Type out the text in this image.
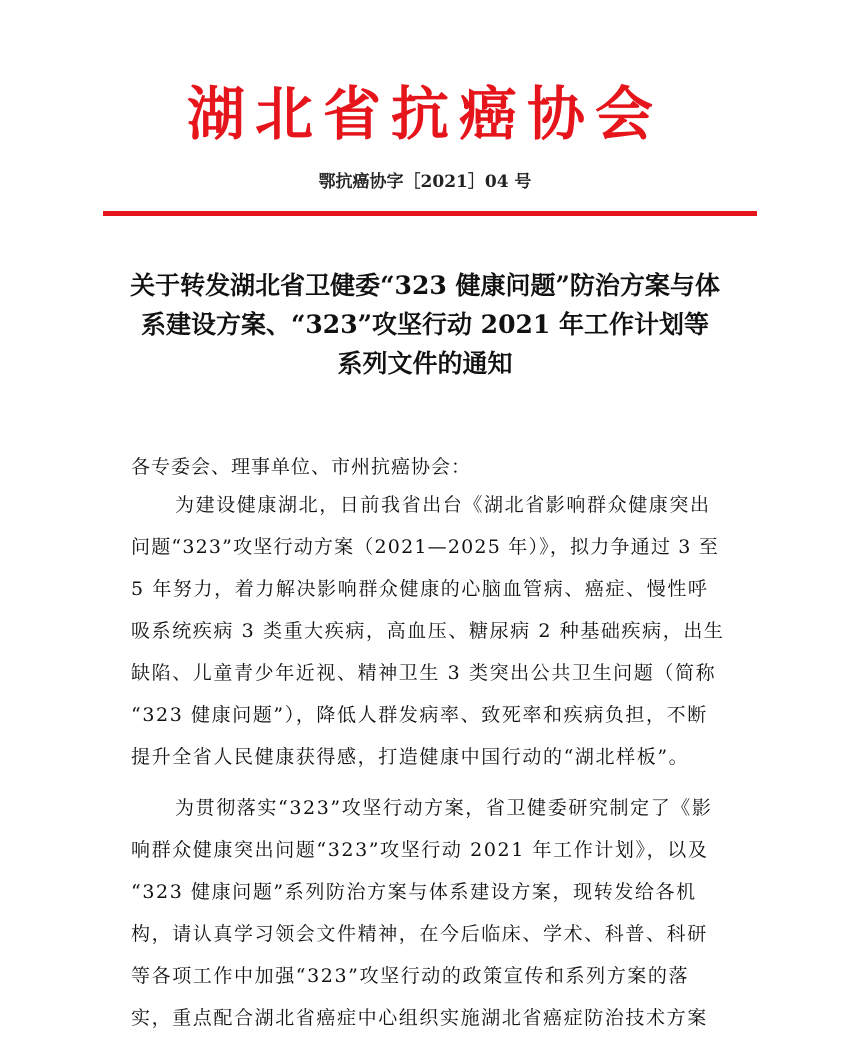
湖北省抗癌协会
鄂抗癌协字［2021］04 号
关于转发湖北省卫健委“323 健康问题”防治方案与体
系建设方案、“323”攻坚行动 2021 年工作计划等
系列文件的通知
各专委会、理事单位、市州抗癌协会：
为建设健康湖北，日前我省出台《湖北省影响群众健康突出
问题“323”攻坚行动方案（2021—2025 年）》，拟力争通过 3 至
5 年努力，着力解决影响群众健康的心脑血管病、癌症、慢性呼
吸系统疾病 3 类重大疾病，高血压、糖尿病 2 种基础疾病，出生
缺陷、儿童青少年近视、精神卫生 3 类突出公共卫生问题（简称
“323 健康问题”），降低人群发病率、致死率和疾病负担，不断
提升全省人民健康获得感，打造健康中国行动的“湖北样板”。
为贯彻落实“323”攻坚行动方案，省卫健委研究制定了《影
响群众健康突出问题“323”攻坚行动 2021 年工作计划》，以及
“323 健康问题”系列防治方案与体系建设方案，现转发给各机
构，请认真学习领会文件精神，在今后临床、学术、科普、科研
等各项工作中加强“323”攻坚行动的政策宣传和系列方案的落
实，重点配合湖北省癌症中心组织实施湖北省癌症防治技术方案
